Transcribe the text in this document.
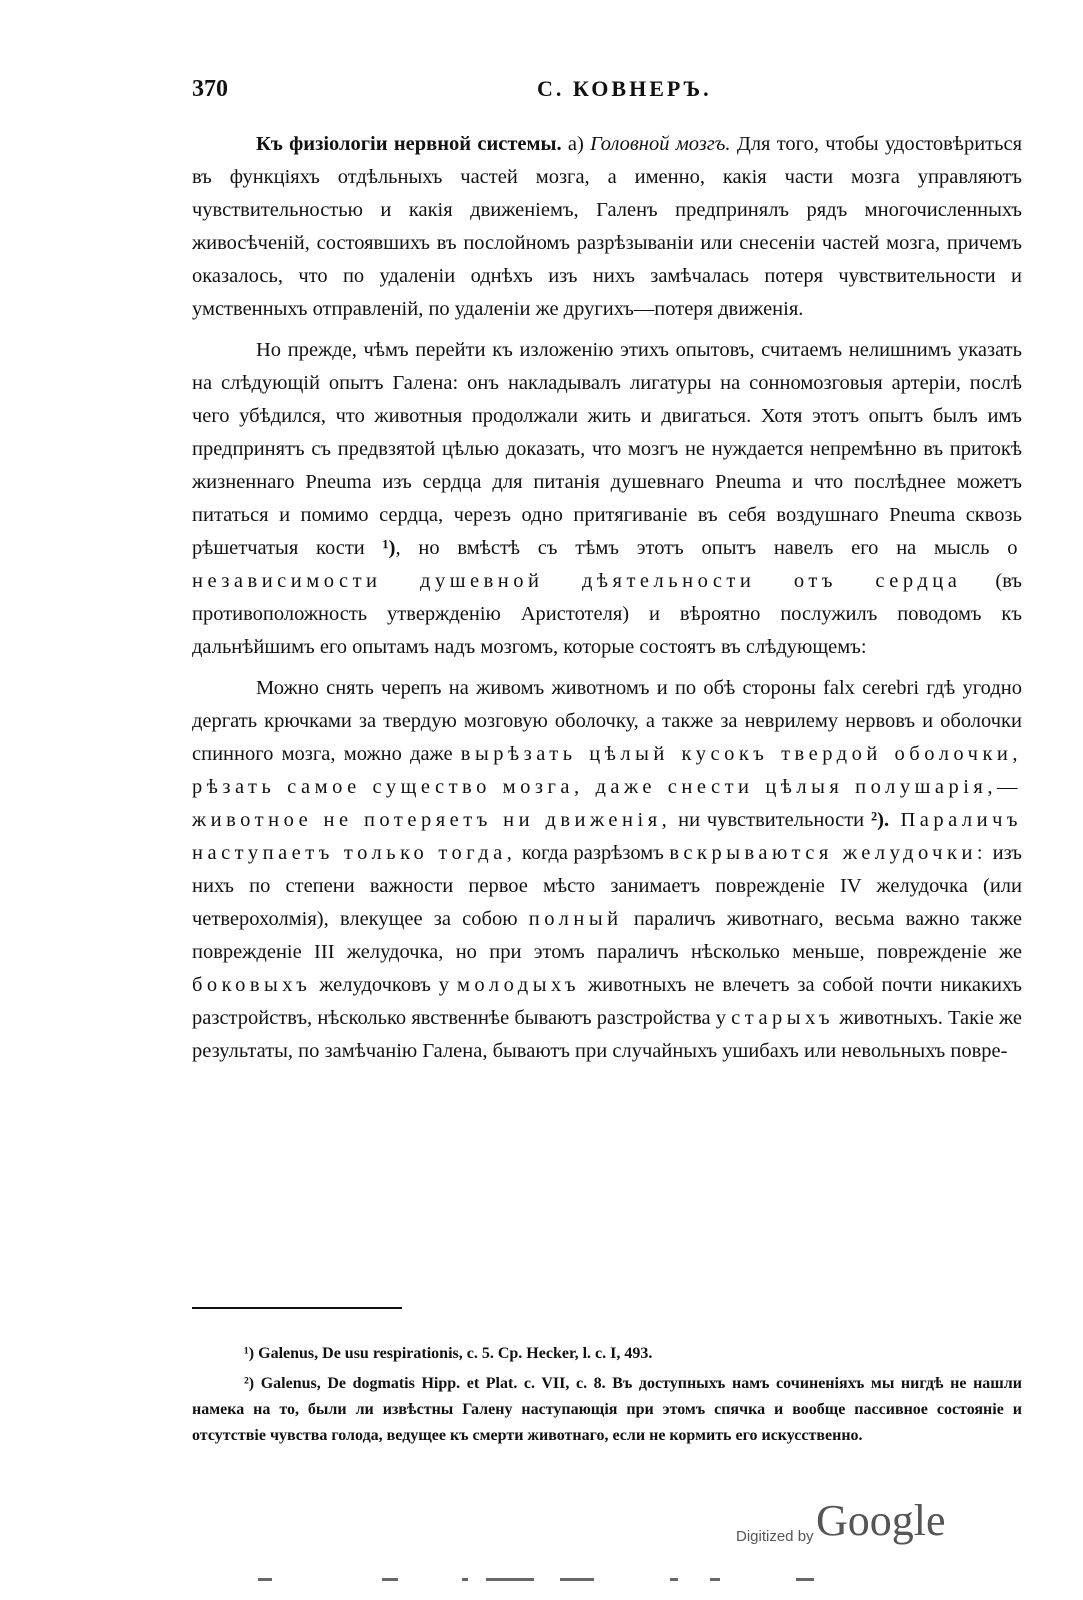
370	С. КОВНЕРЪ.

Къ физiологiи нервной системы. а) Головной мозгъ. Для того, чтобы удостовѣриться въ функцiяхъ отдѣльныхъ частей мозга, а именно, какiя части мозга управляютъ чувствительностью и какiя движенiемъ, Галенъ предпринялъ рядъ многочисленныхъ живосѣченiй, состоявшихъ въ послойномъ разрѣзываніи или снесенiи частей мозга, причемъ оказалось, что по удаленiи однѣхъ изъ нихъ замѣчалась потеря чувствительности и умственныхъ отправленiй, по удаленiи же другихъ—потеря движенiя.

Но прежде, чѣмъ перейти къ изложенiю этихъ опытовъ, считаемъ нелишнимъ указать на слѣдующiй опытъ Галена: онъ накладывалъ лигатуры на сонномозговыя артерiи, послѣ чего убѣдился, что животныя продолжали жить и двигаться. Хотя этотъ опытъ былъ имъ предпринятъ съ предвзятой цѣлью доказать, что мозгъ не нуждается непремѣнно въ притокѣ жизненнаго Pneuma изъ сердца для питанiя душевнаго Pneuma и что послѣднее можетъ питаться и помимо сердца, черезъ одно притягиванiе въ себя воздушнаго Pneuma сквозь рѣшетчатыя кости ¹), но вмѣстѣ съ тѣмъ этотъ опытъ навелъ его на мысль о независимости душевной дѣятельности отъ сердца (въ противоположность утвержденiю Аристотеля) и вѣроятно послужилъ поводомъ къ дальнѣйшимъ его опытамъ надъ мозгомъ, которые состоятъ въ слѣдующемъ:

Можно снять черепъ на живомъ животномъ и по обѣ стороны falx cerebri гдѣ угодно дергать крючками за твердую мозговую оболочку, а также за неврилему нервовъ и оболочки спинного мозга, можно даже вырѣзать цѣлый кусокъ твердой оболочки, рѣзать самое существо мозга, даже снести цѣлыя полушарiя,—животное не потеряетъ ни движенiя, ни чувствительности ²). Параличъ наступаетъ только тогда, когда разрѣзомъ вскрываются желудочки: изъ нихъ по степени важности первое мѣсто занимаетъ поврежденiе IV желудочка (или четверохолмiя), влекущее за собою полный параличъ животнаго, весьма важно также поврежденiе III желудочка, но при этомъ параличъ нѣсколько меньше, поврежденiе же боковыхъ желудочковъ у молодыхъ животныхъ не влечетъ за собой почти никакихъ разстройствъ, нѣсколько явственнѣе бываютъ разстройства у старыхъ животныхъ. Такiе же результаты, по замѣчанiю Галена, бываютъ при случайныхъ ушибахъ или невольныхъ повре-

¹) Galenus, De usu respirationis, c. 5. Cp. Hecker, l. c. I, 493.

²) Galenus, De dogmatis Hipp. et Plat. c. VII, c. 8. Въ доступныхъ намъ сочиненiяхъ мы нигдѣ не нашли намека на то, были ли извѣстны Галену наступающiя при этомъ спячка и вообще пассивное состоянiе и отсутствiе чувства голода, ведущее къ смерти животнаго, если не кормить его искусственно.

Digitized by Google
